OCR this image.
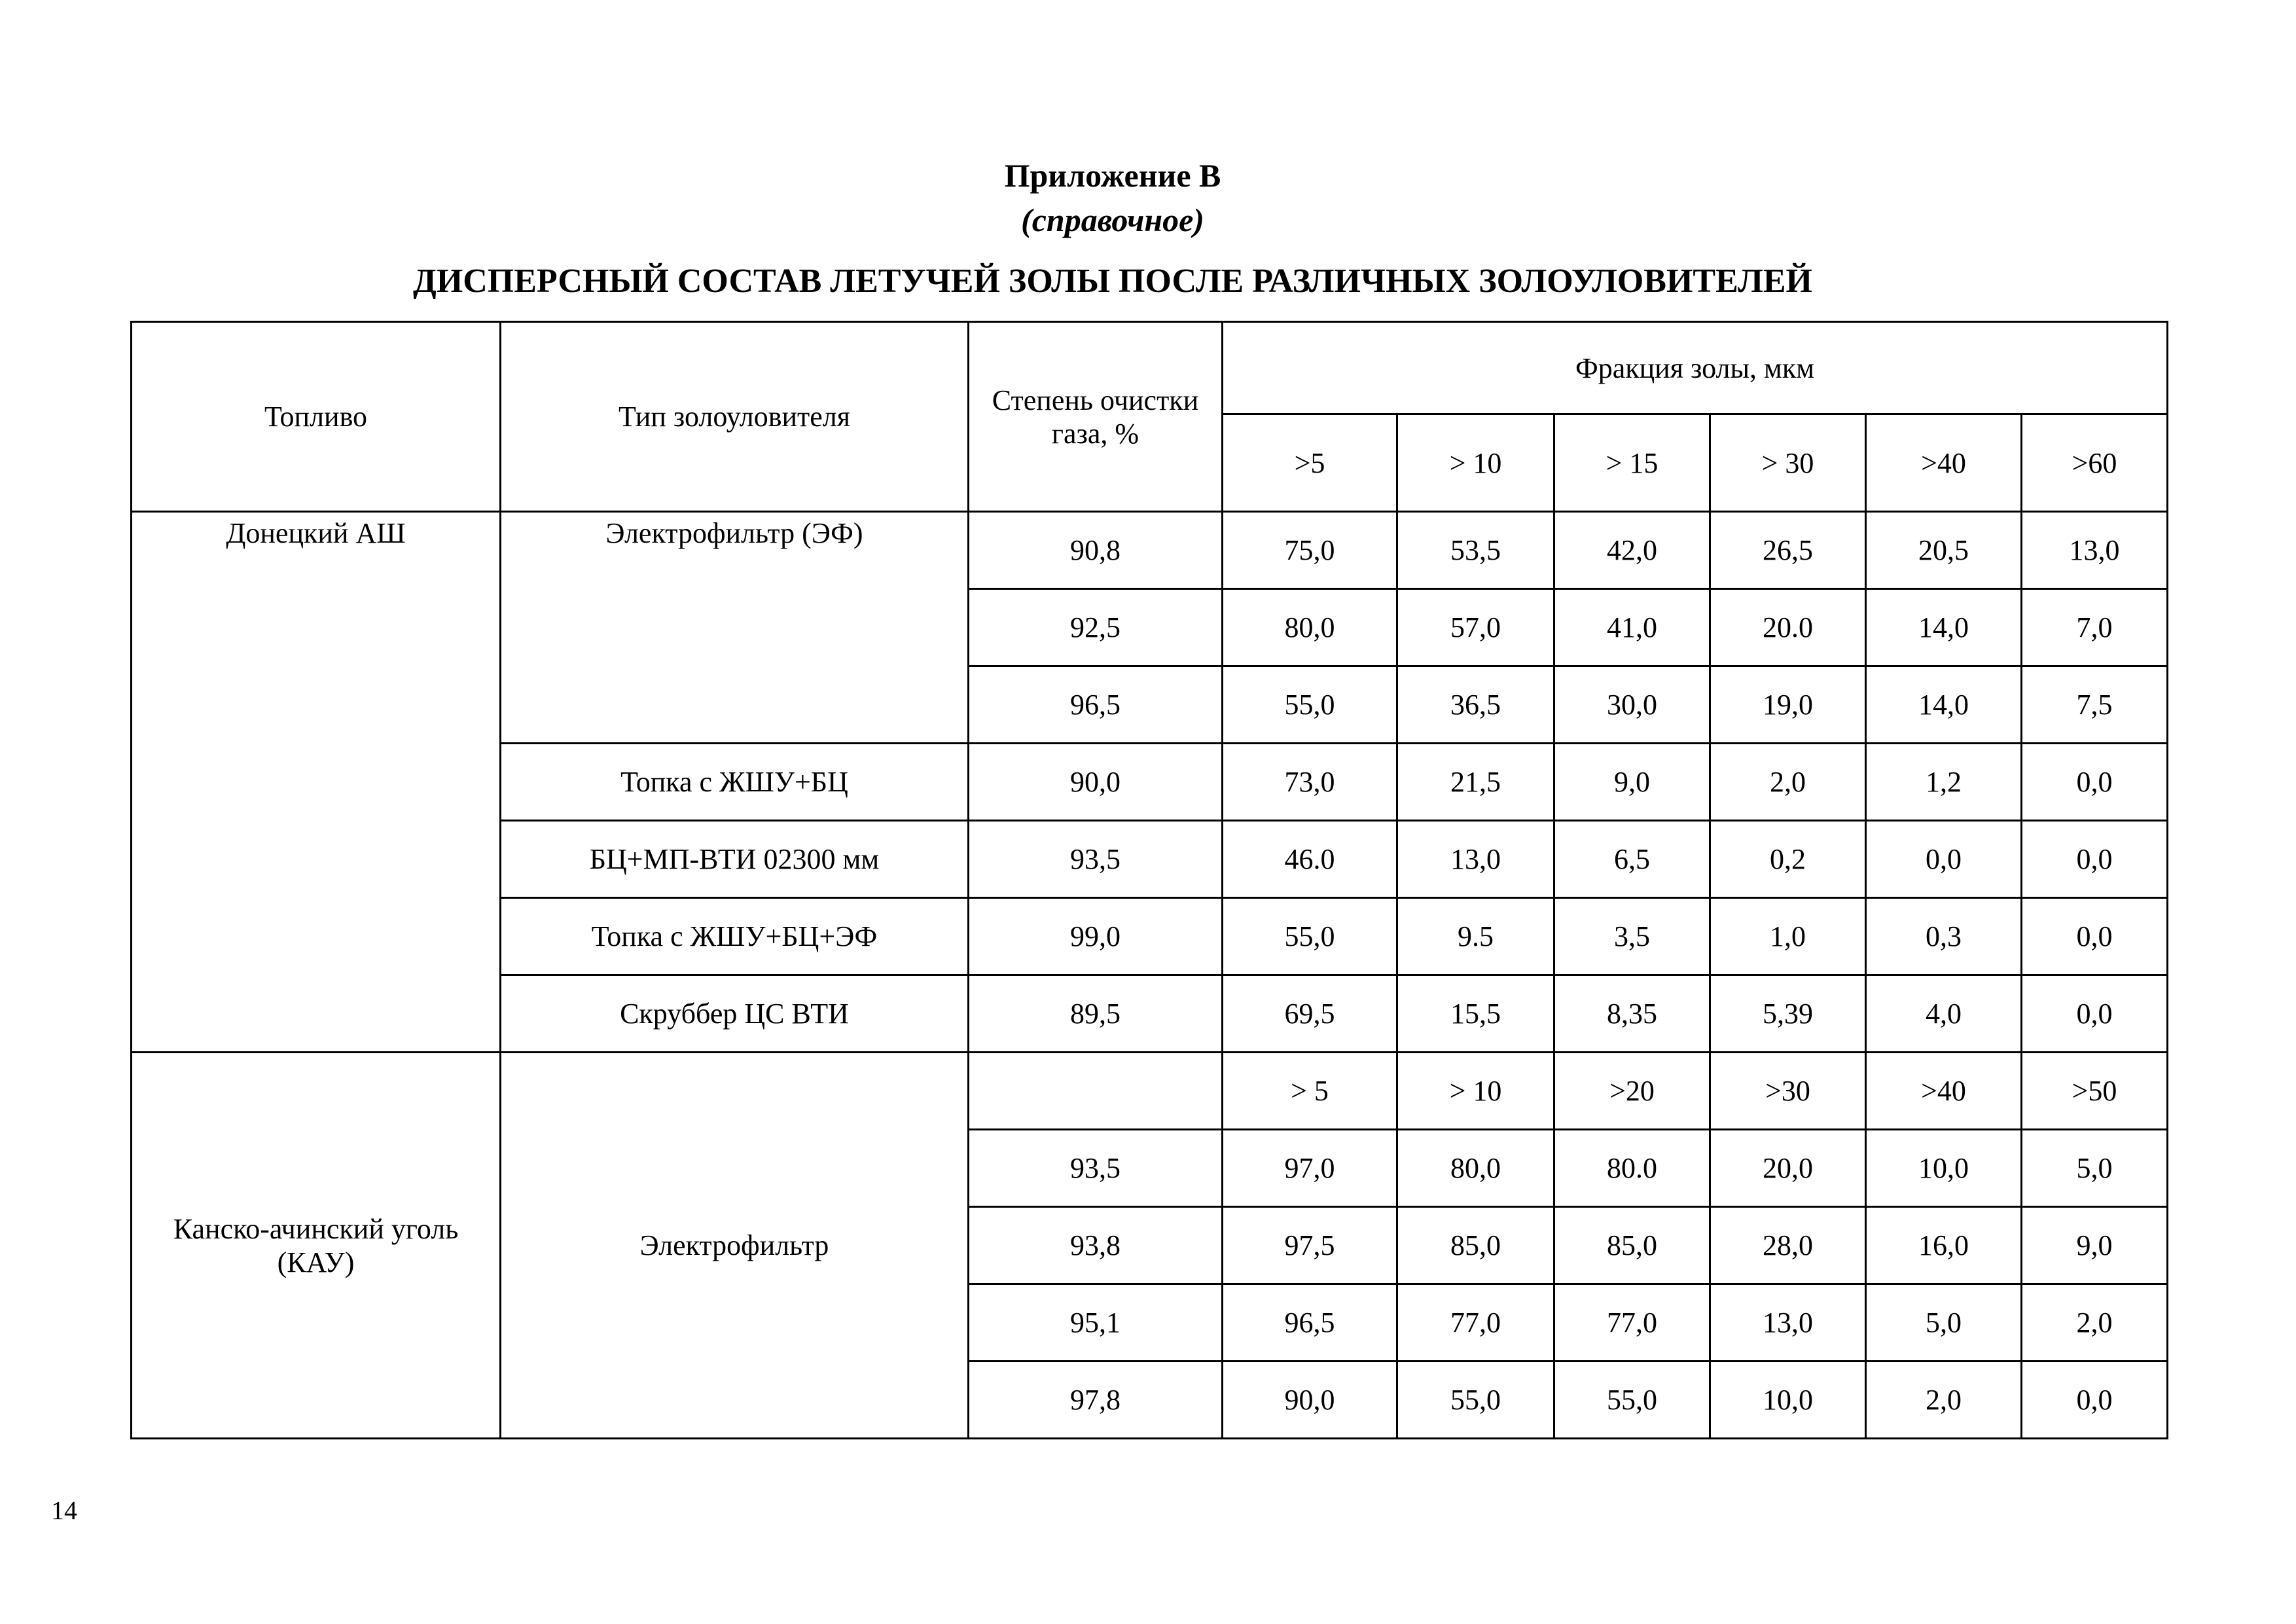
Приложение В
(справочное)
ДИСПЕРСНЫЙ СОСТАВ ЛЕТУЧЕЙ ЗОЛЫ ПОСЛЕ РАЗЛИЧНЫХ ЗОЛОУЛОВИТЕЛЕЙ
Топливо	Тип золоуловителя	Степень очистки газа, %	Фракция золы, мкм					
			>5	> 10	> 15	> 30	>40	>60
Донецкий АШ	Электрофильтр (ЭФ)	90,8	75,0	53,5	42,0	26,5	20,5	13,0
		92,5	80,0	57,0	41,0	20.0	14,0	7,0
		96,5	55,0	36,5	30,0	19,0	14,0	7,5
	Топка с ЖШУ+БЦ	90,0	73,0	21,5	9,0	2,0	1,2	0,0
	БЦ+МП-ВТИ 02300 мм	93,5	46.0	13,0	6,5	0,2	0,0	0,0
	Топка с ЖШУ+БЦ+ЭФ	99,0	55,0	9.5	3,5	1,0	0,3	0,0
	Скруббер ЦС ВТИ	89,5	69,5	15,5	8,35	5,39	4,0	0,0
Канско-ачинский уголь (КАУ)	Электрофильтр		> 5	> 10	>20	>30	>40	>50
		93,5	97,0	80,0	80.0	20,0	10,0	5,0
		93,8	97,5	85,0	85,0	28,0	16,0	9,0
		95,1	96,5	77,0	77,0	13,0	5,0	2,0
		97,8	90,0	55,0	55,0	10,0	2,0	0,0
14
